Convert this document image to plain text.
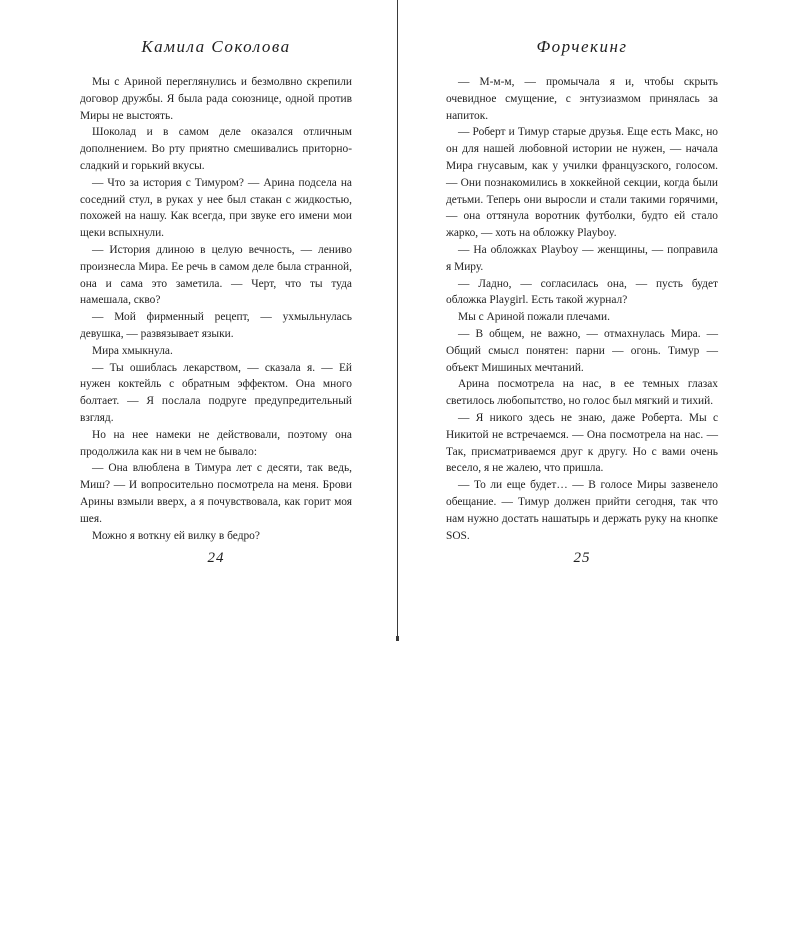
Камила Соколова

Мы с Ариной переглянулись и безмолвно скрепили договор дружбы. Я была рада союзнице, одной против Миры не выстоять.

Шоколад и в самом деле оказался отличным дополнением. Во рту приятно смешивались приторно-сладкий и горький вкусы.

— Что за история с Тимуром? — Арина подсела на соседний стул, в руках у нее был стакан с жидкостью, похожей на нашу. Как всегда, при звуке его имени мои щеки вспыхнули.

— История длиною в целую вечность, — лениво произнесла Мира. Ее речь в самом деле была странной, она и сама это заметила. — Черт, что ты туда намешала, скво?

— Мой фирменный рецепт, — ухмыльнулась девушка, — развязывает языки.

Мира хмыкнула.

— Ты ошиблась лекарством, — сказала я. — Ей нужен коктейль с обратным эффектом. Она много болтает. — Я послала подруге предупредительный взгляд.

Но на нее намеки не действовали, поэтому она продолжила как ни в чем не бывало:

— Она влюблена в Тимура лет с десяти, так ведь, Миш? — И вопросительно посмотрела на меня. Брови Арины взмыли вверх, а я почувствовала, как горит моя шея.

Можно я воткну ей вилку в бедро?

24
Форчекинг

— М-м-м, — промычала я и, чтобы скрыть очевидное смущение, с энтузиазмом принялась за напиток.

— Роберт и Тимур старые друзья. Еще есть Макс, но он для нашей любовной истории не нужен, — начала Мира гнусавым, как у училки французского, голосом. — Они познакомились в хоккейной секции, когда были детьми. Теперь они выросли и стали такими горячими, — она оттянула воротник футболки, будто ей стало жарко, — хоть на обложку Playboy.

— На обложках Playboy — женщины, — поправила я Миру.

— Ладно, — согласилась она, — пусть будет обложка Playgirl. Есть такой журнал?

Мы с Ариной пожали плечами.

— В общем, не важно, — отмахнулась Мира. — Общий смысл понятен: парни — огонь. Тимур — объект Мишиных мечтаний.

Арина посмотрела на нас, в ее темных глазах светилось любопытство, но голос был мягкий и тихий.

— Я никого здесь не знаю, даже Роберта. Мы с Никитой не встречаемся. — Она посмотрела на нас. — Так, присматриваемся друг к другу. Но с вами очень весело, я не жалею, что пришла.

— То ли еще будет… — В голосе Миры зазвенело обещание. — Тимур должен прийти сегодня, так что нам нужно достать нашатырь и держать руку на кнопке SOS.

25
